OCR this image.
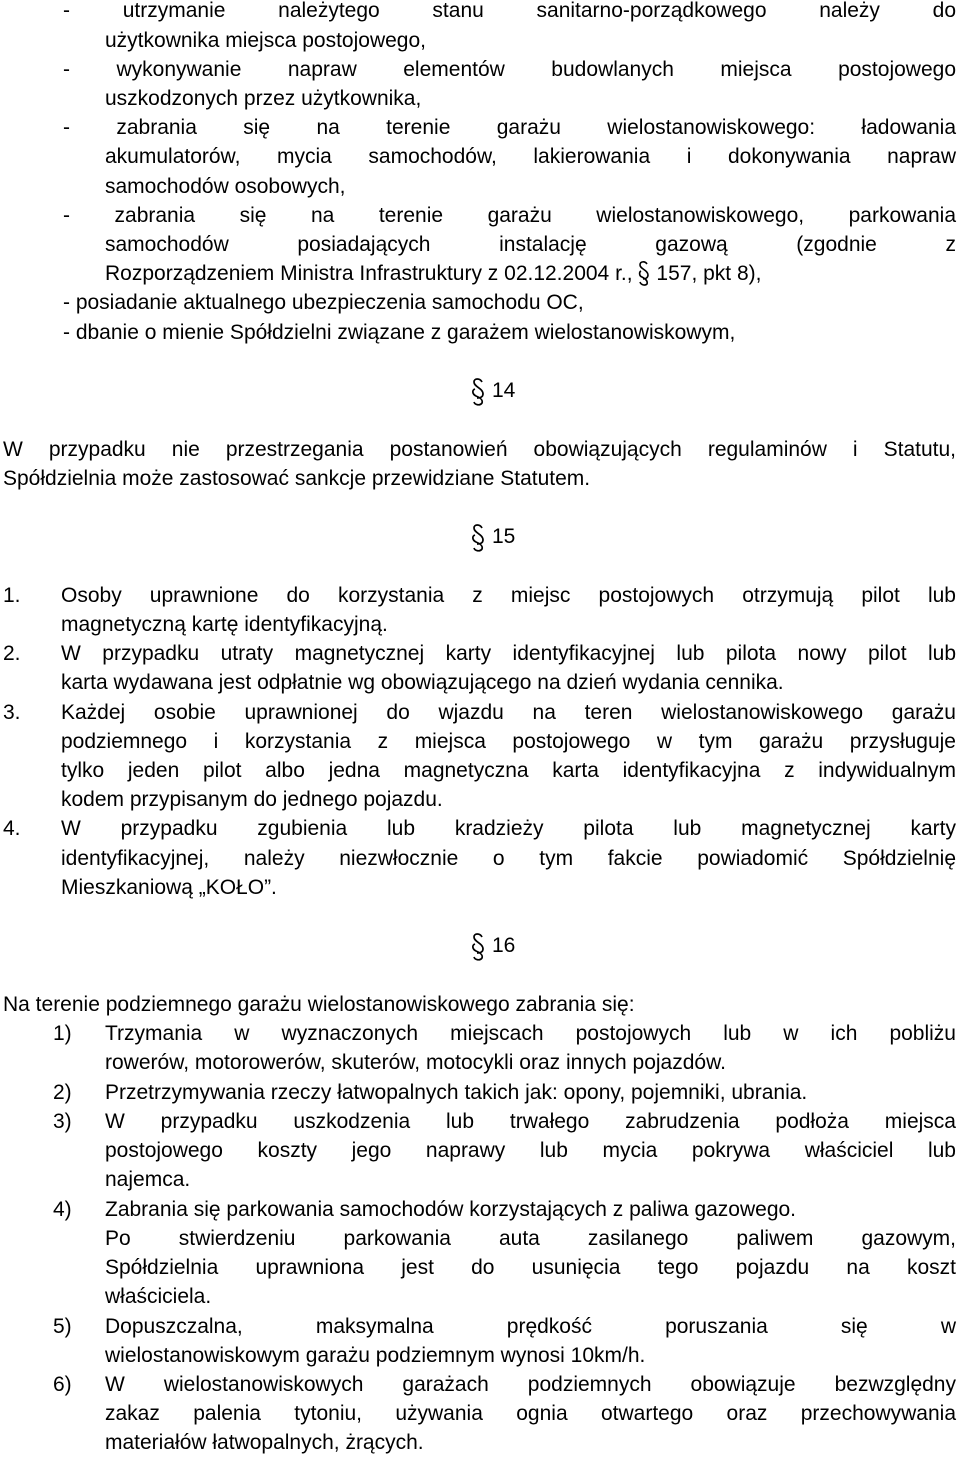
- utrzymanie należytego stanu sanitarno-porządkowego należy do
użytkownika miejsca postojowego,
- wykonywanie napraw elementów budowlanych miejsca postojowego
uszkodzonych przez użytkownika,
- zabrania się na terenie garażu wielostanowiskowego: ładowania
akumulatorów, mycia samochodów, lakierowania i dokonywania napraw
samochodów osobowych,
- zabrania się na terenie garażu wielostanowiskowego, parkowania
samochodów posiadających instalację gazową (zgodnie z
Rozporządzeniem Ministra Infrastruktury z 02.12.2004 r., 157, pkt 8),
- posiadanie aktualnego ubezpieczenia samochodu OC,
- dbanie o mienie Spółdzielni związane z garażem wielostanowiskowym,
14
W przypadku nie przestrzegania postanowień obowiązujących regulaminów i Statutu,
Spółdzielnia może zastosować sankcje przewidziane Statutem.
15
1. Osoby uprawnione do korzystania z miejsc postojowych otrzymują pilot lub
magnetyczną kartę identyfikacyjną.
2. W przypadku utraty magnetycznej karty identyfikacyjnej lub pilota nowy pilot lub
karta wydawana jest odpłatnie wg obowiązującego na dzień wydania cennika.
3. Każdej osobie uprawnionej do wjazdu na teren wielostanowiskowego garażu
podziemnego i korzystania z miejsca postojowego w tym garażu przysługuje
tylko jeden pilot albo jedna magnetyczna karta identyfikacyjna z indywidualnym
kodem przypisanym do jednego pojazdu.
4. W przypadku zgubienia lub kradzieży pilota lub magnetycznej karty
identyfikacyjnej, należy niezwłocznie o tym fakcie powiadomić Spółdzielnię
Mieszkaniową „KOŁO”.
16
Na terenie podziemnego garażu wielostanowiskowego zabrania się:
1) Trzymania w wyznaczonych miejscach postojowych lub w ich pobliżu
rowerów, motorowerów, skuterów, motocykli oraz innych pojazdów.
2) Przetrzymywania rzeczy łatwopalnych takich jak: opony, pojemniki, ubrania.
3) W przypadku uszkodzenia lub trwałego zabrudzenia podłoża miejsca
postojowego koszty jego naprawy lub mycia pokrywa właściciel lub
najemca.
4) Zabrania się parkowania samochodów korzystających z paliwa gazowego.
Po stwierdzeniu parkowania auta zasilanego paliwem gazowym,
Spółdzielnia uprawniona jest do usunięcia tego pojazdu na koszt
właściciela.
5) Dopuszczalna, maksymalna prędkość poruszania się w
wielostanowiskowym garażu podziemnym wynosi 10km/h.
6) W wielostanowiskowych garażach podziemnych obowiązuje bezwzględny
zakaz palenia tytoniu, używania ognia otwartego oraz przechowywania
materiałów łatwopalnych, żrących.
